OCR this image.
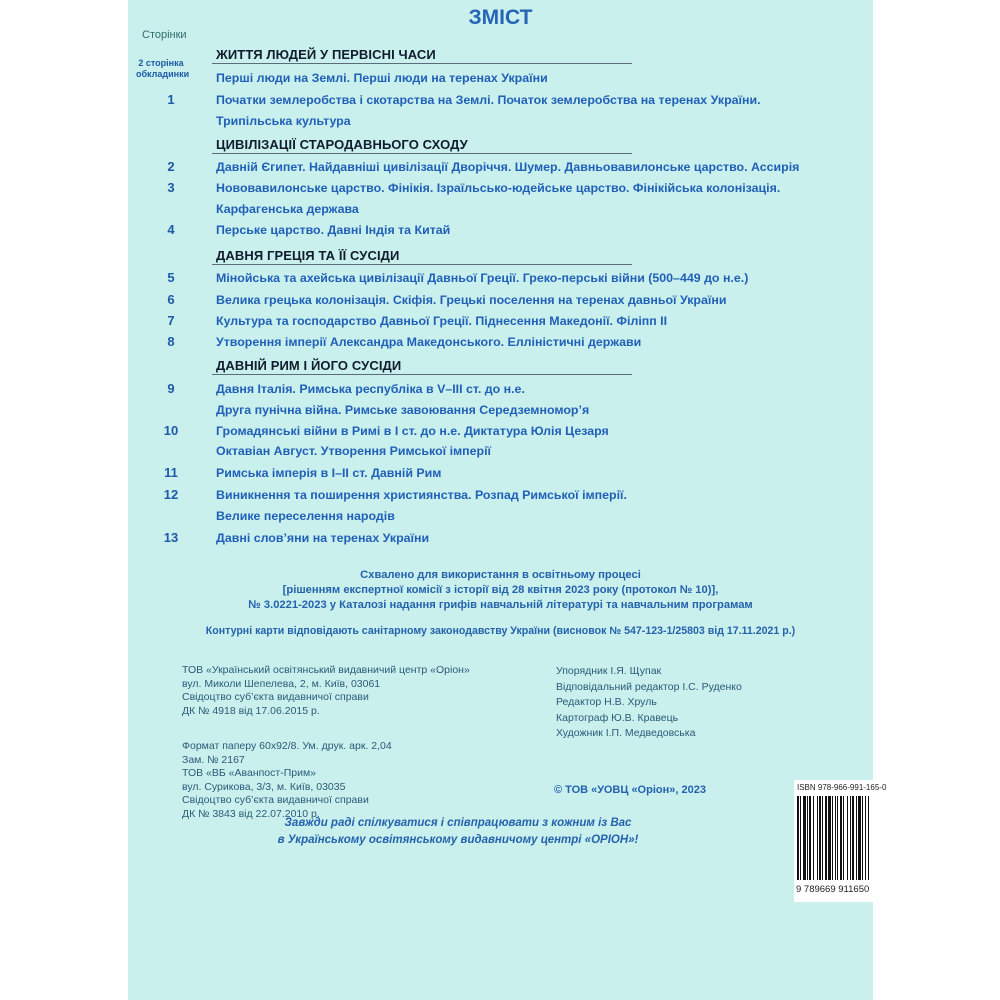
ЗМІСТ
Сторінки
2 сторінка обкладинки
ЖИТТЯ ЛЮДЕЙ У ПЕРВІСНІ ЧАСИ
Перші люди на Землі. Перші люди на теренах України
1	Початки землеробства і скотарства на Землі. Початок землеробства на теренах України.
Трипільська культура
ЦИВІЛІЗАЦІЇ СТАРОДАВНЬОГО СХОДУ
2	Давній Єгипет. Найдавніші цивілізації Дворіччя. Шумер. Давньовавилонське царство. Ассирія
3	Нововавилонське царство. Фінікія. Ізраїльсько-юдейське царство. Фінікійська колонізація.
Карфагенська держава
4	Перське царство. Давні Індія та Китай
ДАВНЯ ГРЕЦІЯ ТА ЇЇ СУСІДИ
5	Мінойська та ахейська цивілізації Давньої Греції. Греко-перські війни (500–449 до н.е.)
6	Велика грецька колонізація. Скіфія. Грецькі поселення на теренах давньої України
7	Культура та господарство Давньої Греції. Піднесення Македонії. Філіпп ІІ
8	Утворення імперії Александра Македонського. Елліністичні держави
ДАВНІЙ РИМ І ЙОГО СУСІДИ
9	Давня Італія. Римська республіка в V–ІІІ ст. до н.е.
Друга пунічна війна. Римське завоювання Середземномор’я
10	Громадянські війни в Римі в І ст. до н.е. Диктатура Юлія Цезаря
Октавіан Август. Утворення Римської імперії
11	Римська імперія в І–ІІ ст. Давній Рим
12	Виникнення та поширення християнства. Розпад Римської імперії.
Велике переселення народів
13	Давні слов’яни на теренах України
Схвалено для використання в освітньому процесі
[рішенням експертної комісії з історії від 28 квітня 2023 року (протокол № 10)],
№ 3.0221-2023 у Каталозі надання грифів навчальній літературі та навчальним програмам
Контурні карти відповідають санітарному законодавству України (висновок № 547-123-1/25803 від 17.11.2021 р.)
ТОВ «Український освітянський видавничий центр «Оріон»
вул. Миколи Шепелева, 2, м. Київ, 03061
Свідоцтво суб’єкта видавничої справи
ДК № 4918 від 17.06.2015 р.
Формат паперу 60х92/8. Ум. друк. арк. 2,04
Зам. № 2167
ТОВ «ВБ «Аванпост-Прим»
вул. Сурикова, 3/3, м. Київ, 03035
Свідоцтво суб’єкта видавничої справи
ДК № 3843 від 22.07.2010 р.
Упорядник І.Я. Щупак
Відповідальний редактор І.С. Руденко
Редактор Н.В. Хруль
Картограф Ю.В. Кравець
Художник І.П. Медведовська
© ТОВ «УОВЦ «Оріон», 2023
Завжди раді спілкуватися і співпрацювати з кожним із Вас
в Українському освітянському видавничому центрі «ОРІОН»!
ISBN 978-966-991-165-0
9 789669 911650
